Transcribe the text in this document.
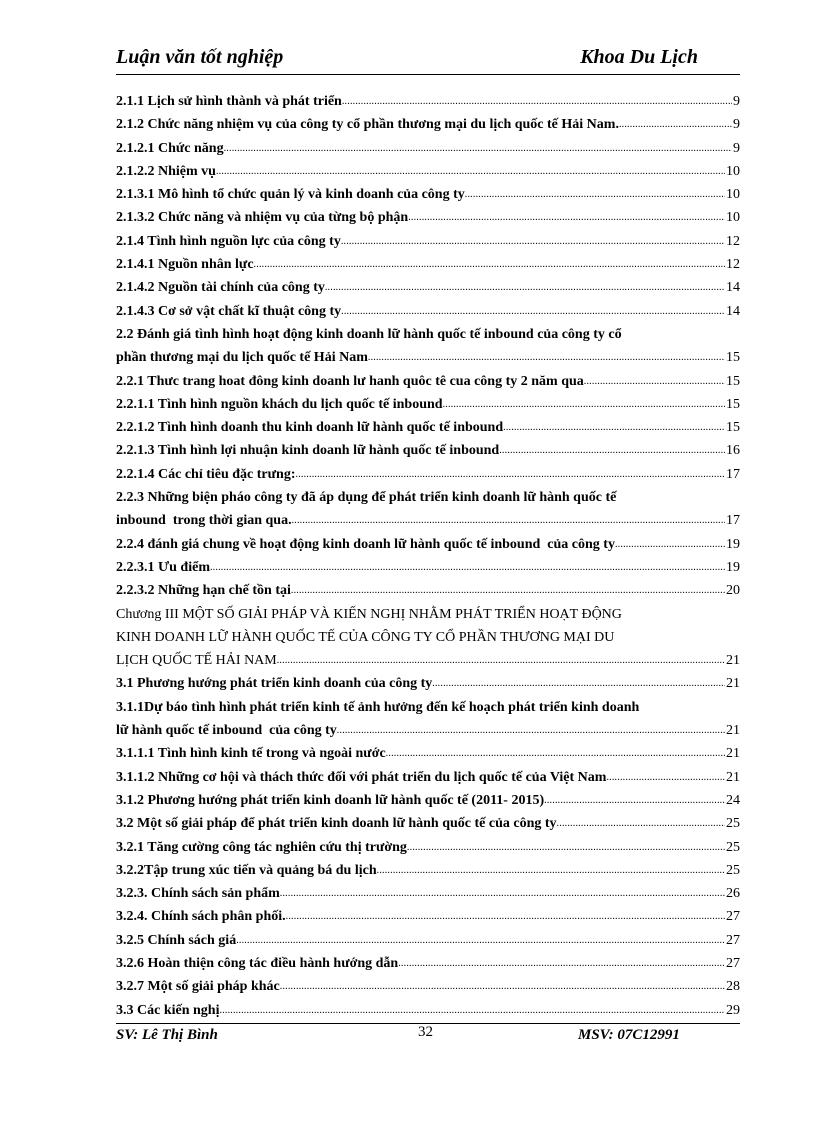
Luận văn tốt nghiệp	Khoa Du Lịch
2.1.1 Lịch sử hình thành và phát triển .....	9
2.1.2 Chức năng nhiệm vụ của công ty cổ phần thương mại du lịch quốc tế Hải Nam. .....	9
2.1.2.1 Chức năng .....	9
2.1.2.2 Nhiệm vụ .....	10
2.1.3.1 Mô hình tổ chức quản lý và kinh doanh của công ty .....	10
2.1.3.2 Chức năng và nhiệm vụ của từng bộ phận .....	10
2.1.4 Tình hình nguồn lực của công ty .....	12
2.1.4.1 Nguồn nhân lực .....	12
2.1.4.2 Nguồn tài chính của công ty .....	14
2.1.4.3 Cơ sở vật chất kĩ thuật công ty .....	14
2.2 Đánh giá tình hình hoạt động kinh doanh lữ hành quốc tế inbound của công ty cổ
phần thương mại du lịch quốc tế Hải Nam .....	15
2.2.1 Thưc trang hoat đông kinh doanh lư hanh quôc tê cua công ty 2 năm qua .....	15
2.2.1.1 Tình hình nguồn khách du lịch quốc tế inbound .....	15
2.2.1.2 Tình hình doanh thu kinh doanh lữ hành quốc tế inbound .....	15
2.2.1.3 Tình hình lợi nhuận kinh doanh lữ hành quốc tế inbound .....	16
2.2.1.4 Các chỉ tiêu đặc trưng: .....	17
2.2.3 Những biện pháo công ty đã áp dụng để phát triển kinh doanh lữ hành quốc tế
inbound  trong thời gian qua. .....	17
2.2.4 đánh giá chung về hoạt động kinh doanh lữ hành quốc tế inbound  của công ty .....	19
2.2.3.1 Ưu điểm .....	19
2.2.3.2 Những hạn chế tồn tại .....	20
Chương III MỘT SỐ GIẢI PHÁP VÀ KIẾN NGHỊ NHẰM PHÁT TRIỂN HOẠT ĐỘNG
KINH DOANH LỮ HÀNH QUỐC TẾ CỦA CÔNG TY CỔ PHẦN THƯƠNG MẠI DU
LỊCH QUỐC TẾ HẢI NAM .....	21
3.1 Phương hướng phát triển kinh doanh của công ty .....	21
3.1.1Dự báo tình hình phát triển kinh tế ảnh hưởng đến kế hoạch phát triển kinh doanh
lữ hành quốc tế inbound  của công ty .....	21
3.1.1.1 Tình hình kinh tế trong và ngoài nước .....	21
3.1.1.2 Những cơ hội và thách thức đối với phát triển du lịch quốc tế của Việt Nam .....	21
3.1.2 Phương hướng phát triển kinh doanh lữ hành quốc tế (2011- 2015) .....	24
3.2 Một số giải pháp để phát triển kinh doanh lữ hành quốc tế của công ty .....	25
3.2.1 Tăng cường công tác nghiên cứu thị trường .....	25
3.2.2Tập trung xúc tiến và quảng bá du lịch .....	25
3.2.3. Chính sách sản phẩm .....	26
3.2.4. Chính sách phân phối. .....	27
3.2.5 Chính sách giá .....	27
3.2.6 Hoàn thiện công tác điều hành hướng dẫn .....	27
3.2.7 Một số giải pháp khác .....	28
3.3 Các kiến nghị .....	29
SV: Lê Thị Bình	32	MSV: 07C12991
